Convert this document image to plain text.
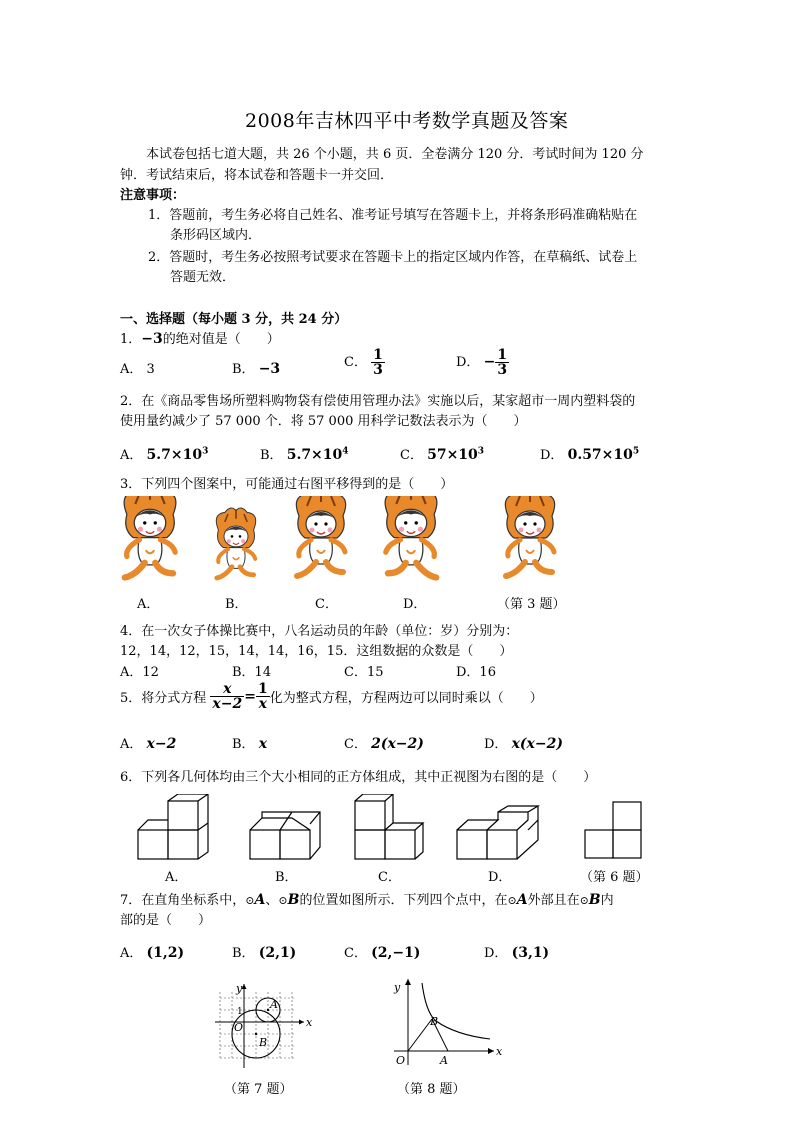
2008年吉林四平中考数学真题及答案
本试卷包括七道大题，共 26 个小题，共 6 页．全卷满分 120 分．考试时间为 120 分
钟．考试结束后，将本试卷和答题卡一并交回．
注意事项：
1．答题前，考生务必将自己姓名、准考证号填写在答题卡上，并将条形码准确粘贴在
条形码区域内．
2．答题时，考生务必按照考试要求在答题卡上的指定区域内作答，在草稿纸、试卷上
答题无效．
一、选择题（每小题 3 分，共 24 分）
1．−3的绝对值是（　　）
A． 3	B． −3	C． $\frac{1}{3}$	D． − $\frac{1}{3}$
2．在《商品零售场所塑料购物袋有偿使用管理办法》实施以后，某家超市一周内塑料袋的
使用量约减少了 57 000 个．将 57 000 用科学记数法表示为（　　）
A． $5.7\times 10^3$	B． $5.7\times 10^4$	C． $57\times 10^3$	D． $0.57\times 10^5$
3．下列四个图案中，可能通过右图平移得到的是（　　）
A．	B．	C．	D．	（第 3 题）
4．在一次女子体操比赛中，八名运动员的年龄（单位：岁）分别为：
12，14，12，15，14，14，16，15．这组数据的众数是（　　）
A．12	B．14	C．15	D．16
5．将分式方程 $\frac{x}{x-2} = \frac{1}{x}$ 化为整式方程，方程两边可以同时乘以（　　）
A． x−2	B． x	C． 2(x−2)	D． x(x−2)
6．下列各几何体均由三个大小相同的正方体组成，其中正视图为右图的是（　　）
A．	B．	C．	D．	（第 6 题）
7．在直角坐标系中，⊙A、⊙B的位置如图所示．下列四个点中，在⊙A外部且在⊙B内
部的是（　　）
A． (1,2)	B． (2,1)	C． (2,−1)	D． (3,1)
y
x
O
1
A
B
（第 7 题）
y
x
O	A
B
（第 8 题）
